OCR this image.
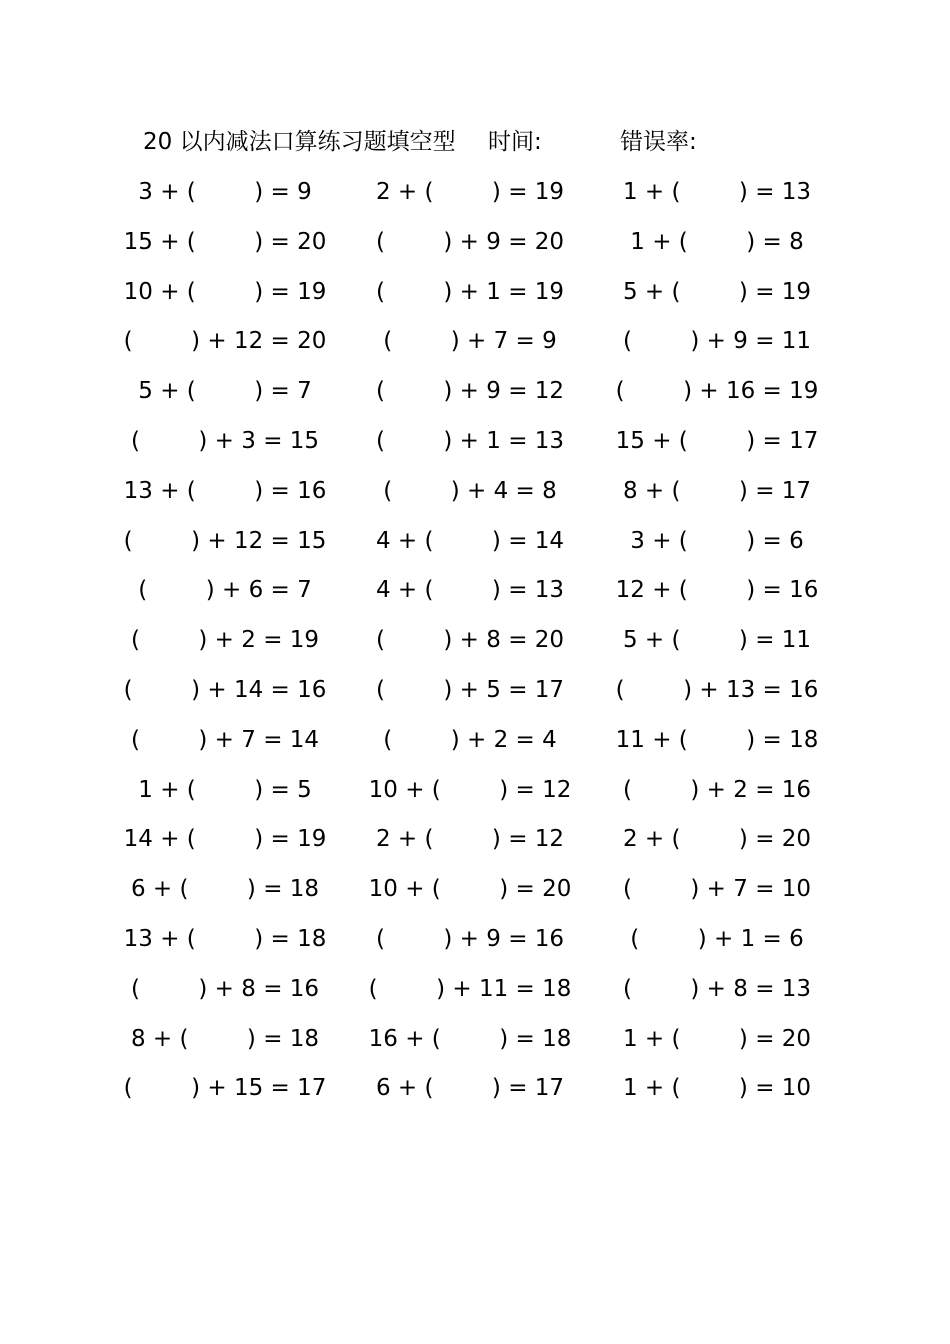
20 以内减法口算练习题填空型 时间:	错误率:
3 + (        ) = 9
15 + (        ) = 20
10 + (        ) = 19
(        ) + 12 = 20
5 + (        ) = 7
(        ) + 3 = 15
13 + (        ) = 16
(        ) + 12 = 15
(        ) + 6 = 7
(        ) + 2 = 19
(        ) + 14 = 16
(        ) + 7 = 14
1 + (        ) = 5
14 + (        ) = 19
6 + (        ) = 18
13 + (        ) = 18
(        ) + 8 = 16
8 + (        ) = 18
(        ) + 15 = 17
2 + (        ) = 19
(        ) + 9 = 20
(        ) + 1 = 19
(        ) + 7 = 9
(        ) + 9 = 12
(        ) + 1 = 13
(        ) + 4 = 8
4 + (        ) = 14
4 + (        ) = 13
(        ) + 8 = 20
(        ) + 5 = 17
(        ) + 2 = 4
10 + (        ) = 12
2 + (        ) = 12
10 + (        ) = 20
(        ) + 9 = 16
(        ) + 11 = 18
16 + (        ) = 18
6 + (        ) = 17
1 + (        ) = 13
1 + (        ) = 8
5 + (        ) = 19
(        ) + 9 = 11
(        ) + 16 = 19
15 + (        ) = 17
8 + (        ) = 17
3 + (        ) = 6
12 + (        ) = 16
5 + (        ) = 11
(        ) + 13 = 16
11 + (        ) = 18
(        ) + 2 = 16
2 + (        ) = 20
(        ) + 7 = 10
(        ) + 1 = 6
(        ) + 8 = 13
1 + (        ) = 20
1 + (        ) = 10
